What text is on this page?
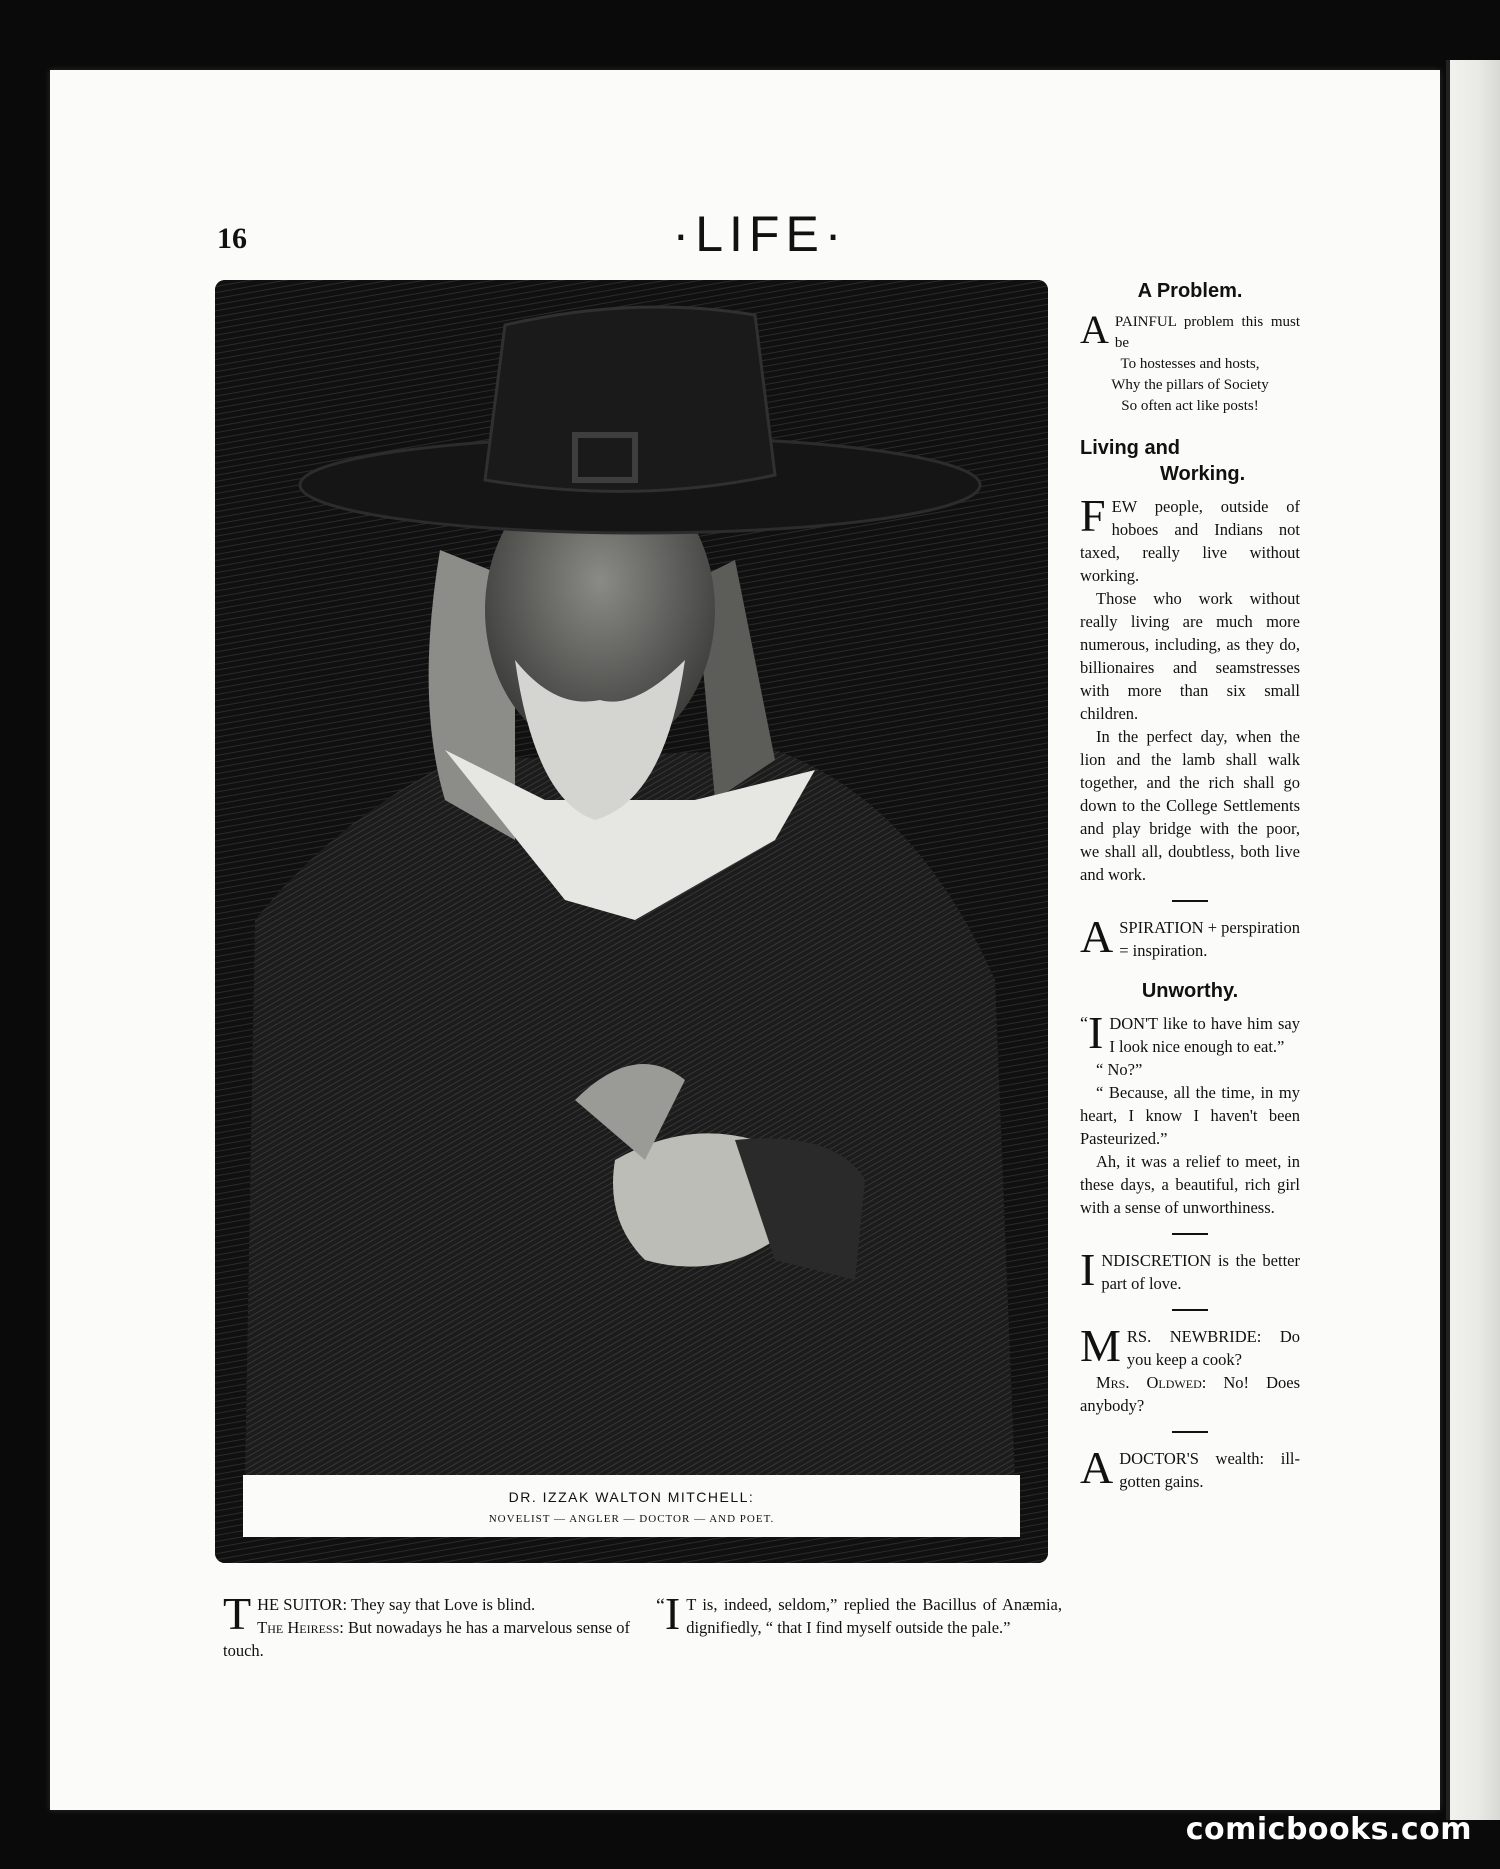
16	·LIFE·
DR. IZZAK WALTON MITCHELL:
NOVELIST — ANGLER — DOCTOR — AND POET.

THE SUITOR: They say that Love is blind.
The Heiress: But nowadays he has a marvelous sense of touch.

“ I T is, indeed, seldom,” replied the Bacillus of Anæmia, dignifiedly, “ that I find myself outside the pale.”

A Problem.

APAINFUL problem this must be

To hostesses and hosts,

Why the pillars of Society

So often act like posts!

Living and
Working.

FEW people, outside of hoboes and Indians not taxed, really live without working.

Those who work without really living are much more numerous, including, as they do, billionaires and seamstresses with more than six small children.

In the perfect day, when the lion and the lamb shall walk together, and the rich shall go down to the College Settlements and play bridge with the poor, we shall all, doubtless, both live and work.

ASPIRATION + perspiration = inspiration.

Unworthy.

“ I DON'T like to have him say I look nice enough to eat.”

“ No?”

“ Because, all the time, in my heart, I know I haven't been Pasteurized.”

Ah, it was a relief to meet, in these days, a beautiful, rich girl with a sense of unworthiness.

INDISCRETION is the better part of love.

MRS. NEWBRIDE: Do you keep a cook?

Mrs. Oldwed: No! Does anybody?

ADOCTOR'S wealth: ill-gotten gains.

comicbooks.com
